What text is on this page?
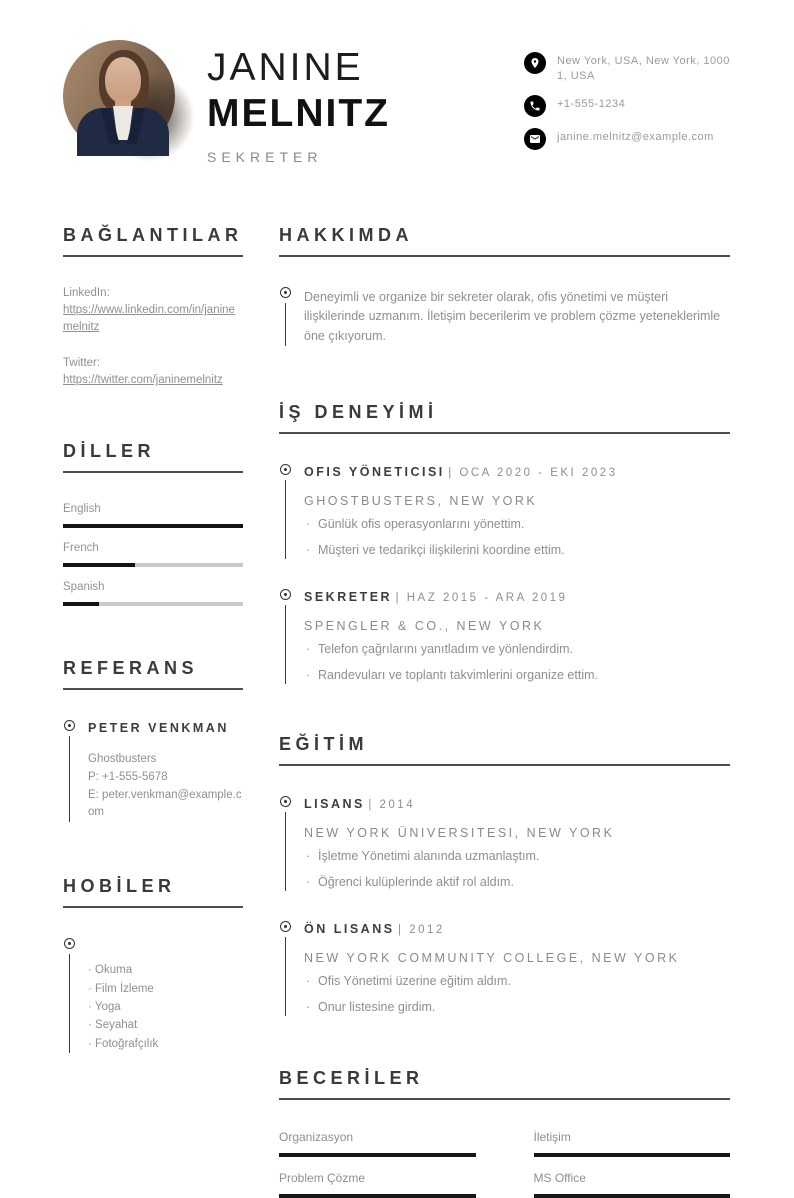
JANINE
MELNITZ
SEKRETER
New York, USA, New York, 10001, USA
+1-555-1234
janine.melnitz@example.com
BAĞLANTILAR
LinkedIn:
https://www.linkedin.com/in/janinemelnitz
Twitter:
https://twitter.com/janinemelnitz
DİLLER
English
French
Spanish
REFERANS
PETER VENKMAN
Ghostbusters
P: +1-555-5678
E: peter.venkman@example.com
HOBİLER
· Okuma
· Film İzleme
· Yoga
· Seyahat
· Fotoğrafçılık
HAKKIMDA

Deneyimli ve organize bir sekreter olarak, ofis yönetimi ve müşteri ilişkilerinde uzmanım. İletişim becerilerim ve problem çözme yeteneklerimle öne çıkıyorum.

İŞ DENEYİMİ
OFIS YÖNETICISI | OCA 2020 - EKI 2023
GHOSTBUSTERS, NEW YORK
· Günlük ofis operasyonlarını yönettim.
· Müşteri ve tedarikçi ilişkilerini koordine ettim.
SEKRETER | HAZ 2015 - ARA 2019
SPENGLER & CO., NEW YORK
· Telefon çağrılarını yanıtladım ve yönlendirdim.
· Randevuları ve toplantı takvimlerini organize ettim.
EĞİTİM
LISANS | 2014
NEW YORK ÜNIVERSITESI, NEW YORK
· İşletme Yönetimi alanında uzmanlaştım.
· Öğrenci kulüplerinde aktif rol aldım.
ÖN LISANS | 2012
NEW YORK COMMUNITY COLLEGE, NEW YORK
· Ofis Yönetimi üzerine eğitim aldım.
· Onur listesine girdim.
BECERİLER
Organizasyon	İletişim
Problem Çözme	MS Office
